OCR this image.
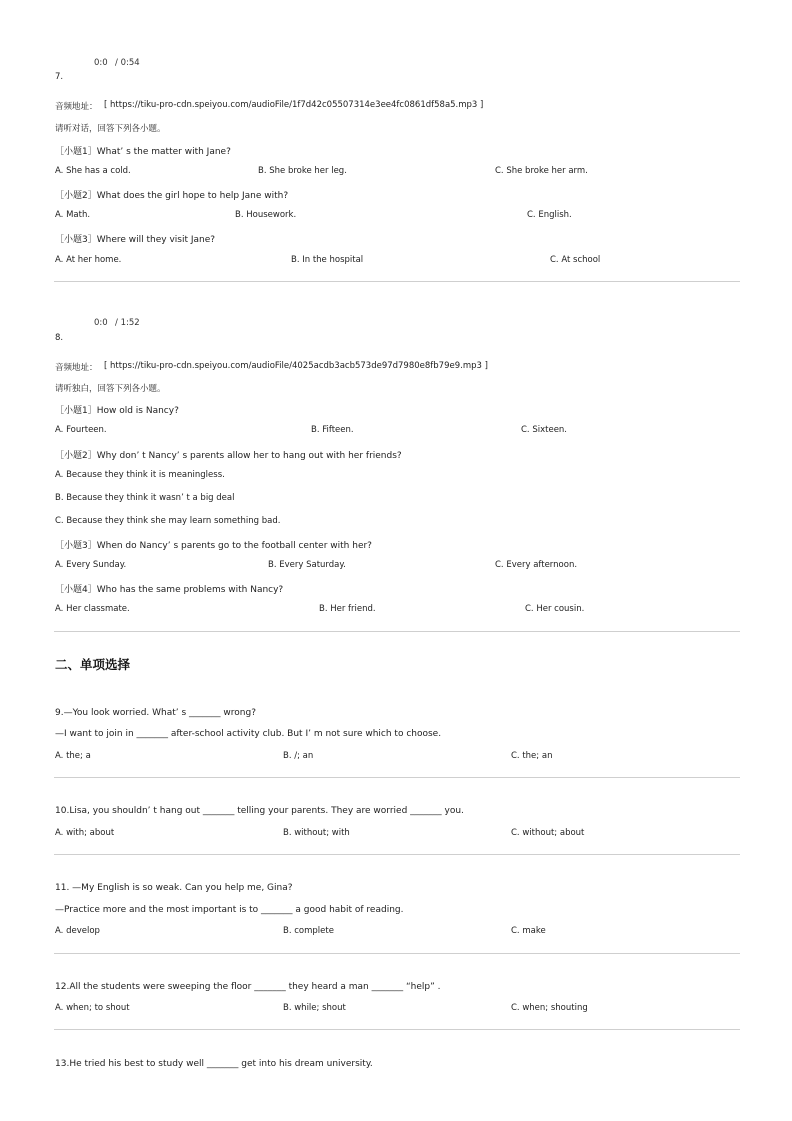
0:0 / 0:54
7.
音频地址： [ https://tiku-pro-cdn.speiyou.com/audioFile/1f7d42c05507314e3ee4fc0861df58a5.mp3 ]
请听对话，回答下列各小题。
［小题1］What’ s the matter with Jane?
A. She has a cold.	B. She broke her leg.	C. She broke her arm.
［小题2］What does the girl hope to help Jane with?
A. Math.	B. Housework.	C. English.
［小题3］Where will they visit Jane?
A. At her home.	B. In the hospital	C. At school
0:0 / 1:52
8.
音频地址： [ https://tiku-pro-cdn.speiyou.com/audioFile/4025acdb3acb573de97d7980e8fb79e9.mp3 ]
请听独白，回答下列各小题。
［小题1］How old is Nancy?
A. Fourteen.	B. Fifteen.	C. Sixteen.
［小题2］Why don’ t Nancy’ s parents allow her to hang out with her friends?
A. Because they think it is meaningless.
B. Because they think it wasn’ t a big deal
C. Because they think she may learn something bad.
［小题3］When do Nancy’ s parents go to the football center with her?
A. Every Sunday.	B. Every Saturday.	C. Every afternoon.
［小题4］Who has the same problems with Nancy?
A. Her classmate.	B. Her friend.	C. Her cousin.
二、单项选择
9.—You look worried. What’ s _______ wrong?
—I want to join in _______ after-school activity club. But I’ m not sure which to choose.
A. the; a	B. /; an	C. the; an
10.Lisa, you shouldn’ t hang out _______ telling your parents. They are worried _______ you.
A. with; about	B. without; with	C. without; about
11. —My English is so weak. Can you help me, Gina?
—Practice more and the most important is to _______ a good habit of reading.
A. develop	B. complete	C. make
12.All the students were sweeping the floor _______ they heard a man _______ “help” .
A. when; to shout	B. while; shout	C. when; shouting
13.He tried his best to study well _______ get into his dream university.
